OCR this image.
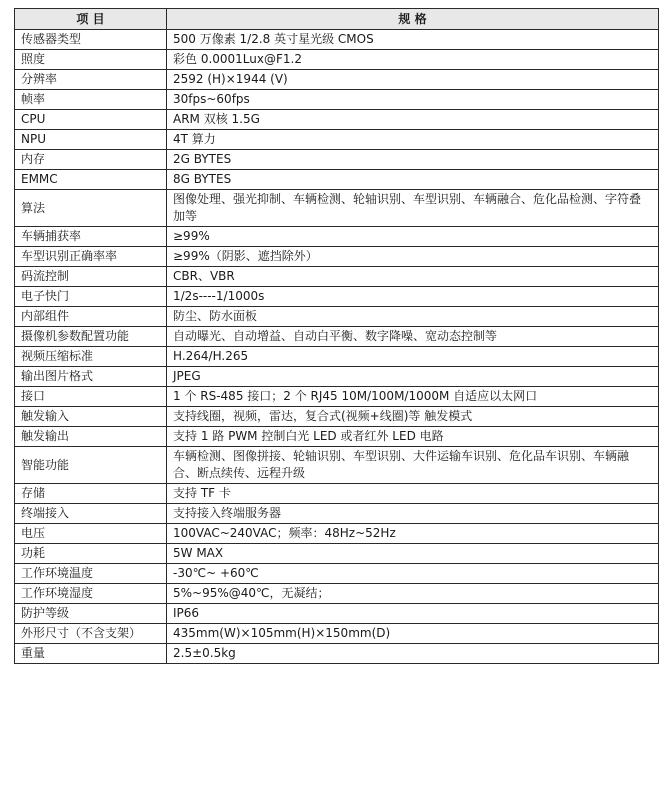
项 目	规 格
传感器类型	500 万像素 1/2.8 英寸星光级 CMOS
照度	彩色 0.0001Lux@F1.2
分辨率	2592 (H)×1944 (V)
帧率	30fps~60fps
CPU	ARM 双核 1.5G
NPU	4T 算力
内存	2G BYTES
EMMC	8G BYTES
算法	图像处理、强光抑制、车辆检测、轮轴识别、车型识别、车辆融合、危化品检测、字符叠加等
车辆捕获率	≥99%
车型识别正确率率	≥99%（阴影、遮挡除外）
码流控制	CBR、VBR
电子快门	1/2s----1/1000s
内部组件	防尘、防水面板
摄像机参数配置功能	自动曝光、自动增益、自动白平衡、数字降噪、宽动态控制等
视频压缩标准	H.264/H.265
输出图片格式	JPEG
接口	1 个 RS-485 接口；2 个 RJ45 10M/100M/1000M 自适应以太网口
触发输入	支持线圈，视频，雷达，复合式(视频+线圈)等 触发模式
触发输出	支持 1 路 PWM 控制白光 LED 或者红外 LED 电路
智能功能	车辆检测、图像拼接、轮轴识别、车型识别、大件运输车识别、危化品车识别、车辆融合、断点续传、远程升级
存储	支持 TF 卡
终端接入	支持接入终端服务器
电压	100VAC~240VAC；频率：48Hz~52Hz
功耗	5W MAX
工作环境温度	-30℃~ +60℃
工作环境湿度	5%~95%@40℃，无凝结；
防护等级	IP66
外形尺寸（不含支架）	435mm(W)×105mm(H)×150mm(D)
重量	2.5±0.5kg
